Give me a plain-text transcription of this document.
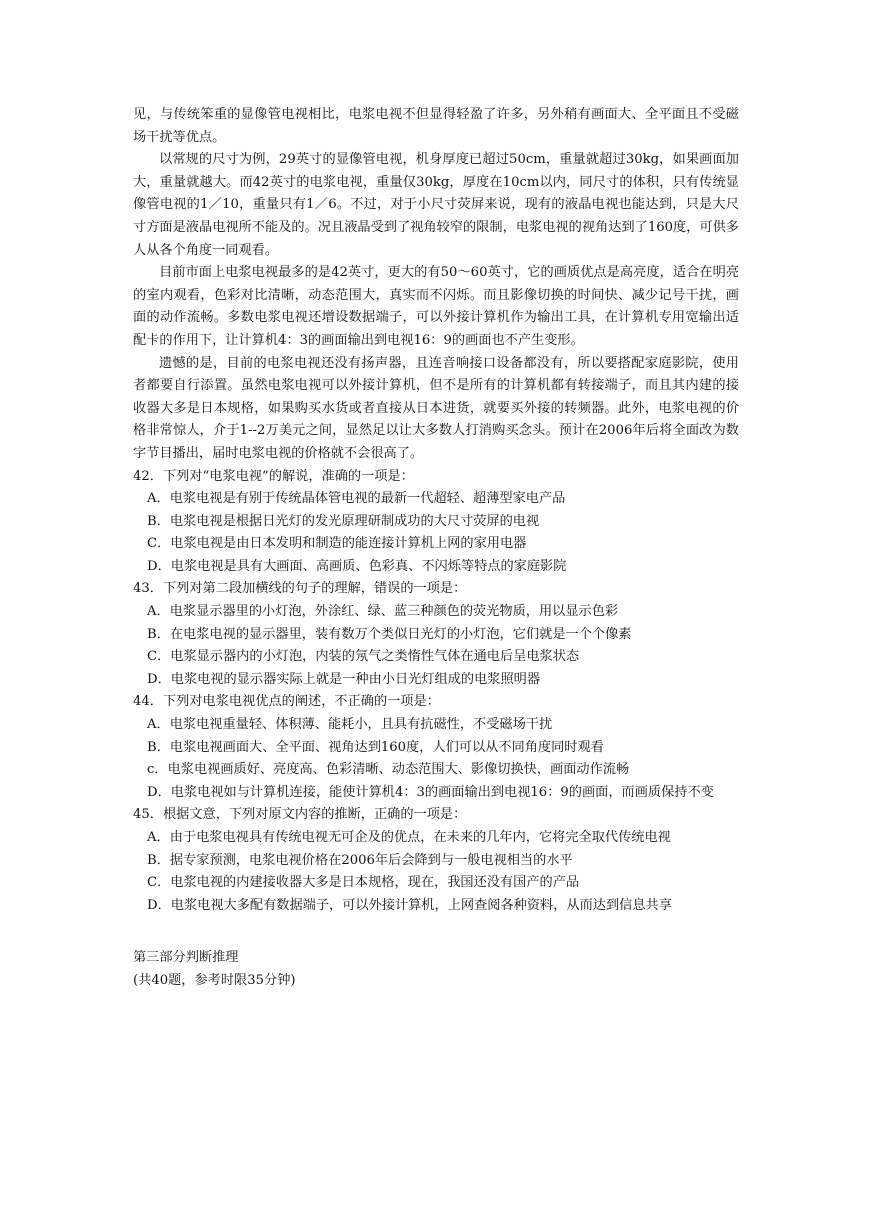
见，与传统笨重的显像管电视相比，电浆电视不但显得轻盈了许多，另外稍有画面大、全平面且不受磁场干扰等优点。

以常规的尺寸为例，29英寸的显像管电视，机身厚度已超过50cm，重量就超过30kg，如果画面加大，重量就越大。而42英寸的电浆电视，重量仅30kg，厚度在10cm以内，同尺寸的体积，只有传统显像管电视的1／10，重量只有1／6。不过，对于小尺寸荧屏来说，现有的液晶电视也能达到，只是大尺寸方面是液晶电视所不能及的。况且液晶受到了视角较窄的限制，电浆电视的视角达到了160度，可供多人从各个角度一同观看。

目前市面上电浆电视最多的是42英寸，更大的有50～60英寸，它的画质优点是高亮度，适合在明亮的室内观看，色彩对比清晰，动态范围大，真实而不闪烁。而且影像切换的时间快、减少记号干扰，画面的动作流畅。多数电浆电视还增设数据端子，可以外接计算机作为输出工具，在计算机专用宽输出适配卡的作用下，让计算机4：3的画面输出到电视16：9的画面也不产生变形。

遗憾的是，目前的电浆电视还没有扬声器，且连音响接口设备都没有，所以要搭配家庭影院，使用者都要自行添置。虽然电浆电视可以外接计算机，但不是所有的计算机都有转接端子，而且其内建的接收器大多是日本规格，如果购买水货或者直接从日本进货，就要买外接的转频器。此外，电浆电视的价格非常惊人，介于1--2万美元之间，显然足以让大多数人打消购买念头。预计在2006年后将全面改为数字节目播出，届时电浆电视的价格就不会很高了。

42．下列对“电浆电视”的解说，准确的一项是：

A．电浆电视是有别于传统晶体管电视的最新一代超轻、超薄型家电产品

B．电浆电视是根据日光灯的发光原理研制成功的大尺寸荧屏的电视

C．电浆电视是由日本发明和制造的能连接计算机上网的家用电器

D．电浆电视是具有大画面、高画质、色彩真、不闪烁等特点的家庭影院

43．下列对第二段加横线的句子的理解，错误的一项是：

A．电浆显示器里的小灯泡，外涂红、绿、蓝三种颜色的荧光物质，用以显示色彩

B．在电浆电视的显示器里，装有数万个类似日光灯的小灯泡，它们就是一个个像素

C．电浆显示器内的小灯泡，内装的氖气之类惰性气体在通电后呈电浆状态

D．电浆电视的显示器实际上就是一种由小日光灯组成的电浆照明器

44．下列对电浆电视优点的阐述，不正确的一项是：

A．电浆电视重量轻、体积薄、能耗小，且具有抗磁性，不受磁场干扰

B．电浆电视画面大、全平面、视角达到160度，人们可以从不同角度同时观看

c．电浆电视画质好、亮度高、色彩清晰、动态范围大、影像切换快，画面动作流畅

D．电浆电视如与计算机连接，能使计算机4：3的画面输出到电视16：9的画面，而画质保持不变

45．根据文意，下列对原文内容的推断，正确的一项是：

A．由于电浆电视具有传统电视无可企及的优点，在未来的几年内，它将完全取代传统电视

B．据专家预测，电浆电视价格在2006年后会降到与一般电视相当的水平

C．电浆电视的内建接收器大多是日本规格，现在，我国还没有国产的产品

D．电浆电视大多配有数据端子，可以外接计算机，上网查阅各种资料，从而达到信息共享

第三部分判断推理

(共40题，参考时限35分钟)
